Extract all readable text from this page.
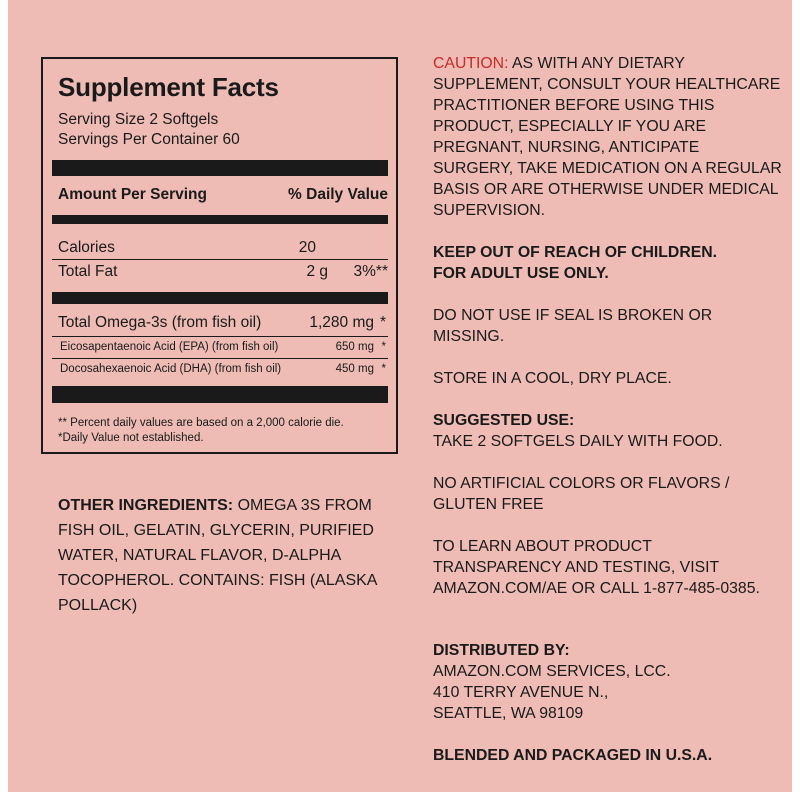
Supplement Facts
Serving Size 2 Softgels
Servings Per Container 60
Amount Per Serving	% Daily Value
Calories	20
Total Fat	2 g 3%**
Total Omega-3s (from fish oil)	1,280 mg *
Eicosapentaenoic Acid (EPA) (from fish oil)	650 mg *
Docosahexaenoic Acid (DHA) (from fish oil)	450 mg *
** Percent daily values are based on a 2,000 calorie die.
*Daily Value not established.
OTHER INGREDIENTS: OMEGA 3S FROM FISH OIL, GELATIN, GLYCERIN, PURIFIED WATER, NATURAL FLAVOR, D-ALPHA TOCOPHEROL. CONTAINS: FISH (ALASKA POLLACK)
CAUTION: AS WITH ANY DIETARY SUPPLEMENT, CONSULT YOUR HEALTHCARE PRACTITIONER BEFORE USING THIS PRODUCT, ESPECIALLY IF YOU ARE PREGNANT, NURSING, ANTICIPATE SURGERY, TAKE MEDICATION ON A REGULAR BASIS OR ARE OTHERWISE UNDER MEDICAL SUPERVISION.
KEEP OUT OF REACH OF CHILDREN.
FOR ADULT USE ONLY.
DO NOT USE IF SEAL IS BROKEN OR MISSING.
STORE IN A COOL, DRY PLACE.
SUGGESTED USE:
TAKE 2 SOFTGELS DAILY WITH FOOD.
NO ARTIFICIAL COLORS OR FLAVORS / GLUTEN FREE
TO LEARN ABOUT PRODUCT TRANSPARENCY AND TESTING, VISIT AMAZON.COM/AE OR CALL 1-877-485-0385.
DISTRIBUTED BY:
AMAZON.COM SERVICES, LCC.
410 TERRY AVENUE N.,
SEATTLE, WA 98109
BLENDED AND PACKAGED IN U.S.A.
